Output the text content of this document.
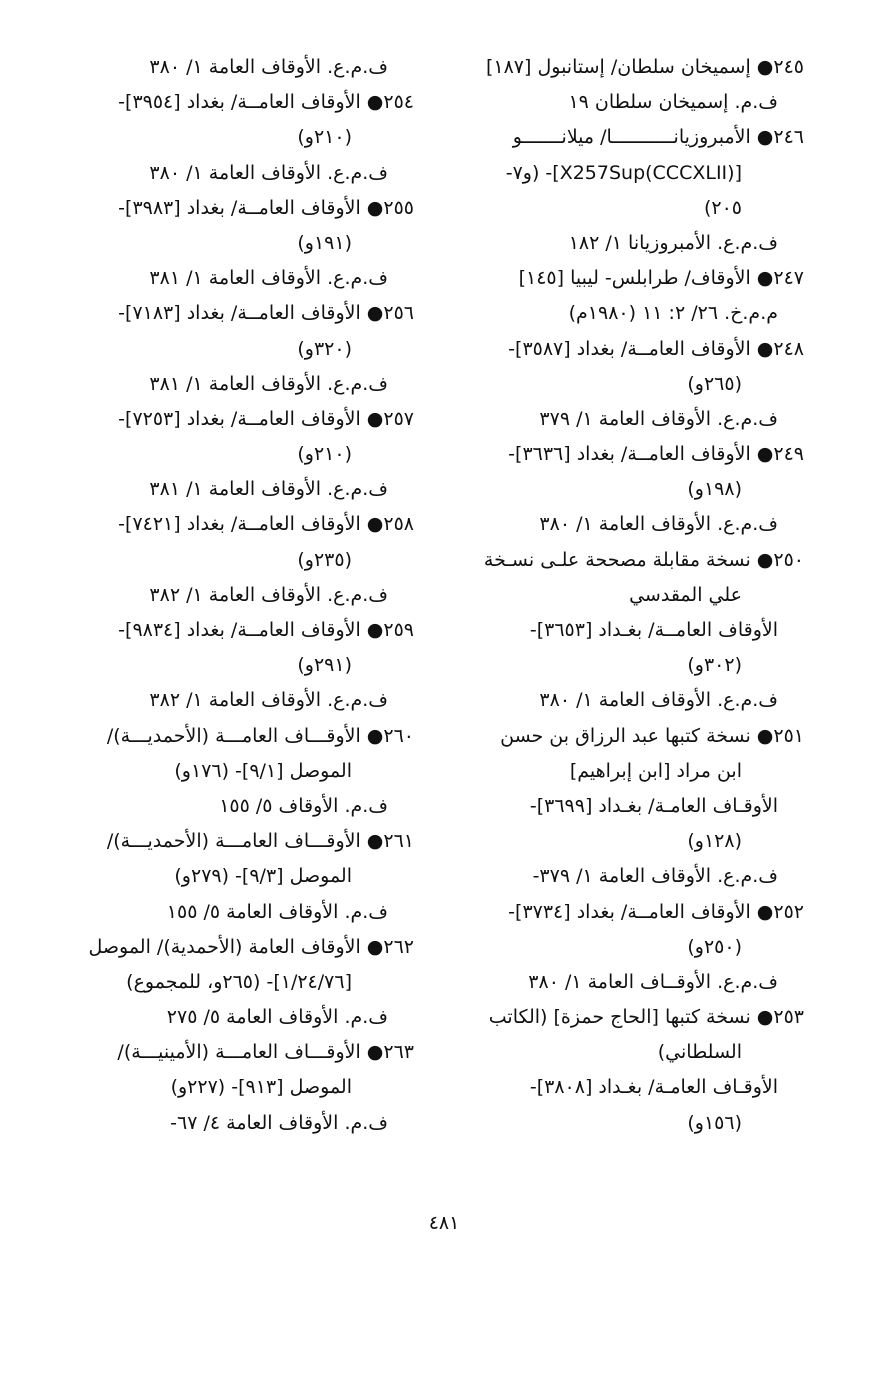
٢٤٥● إسميخان سلطان/ إستانبول [١٨٧]
ف.م. إسميخان سلطان ١٩
٢٤٦● الأمبروزيانـــــــــــا/ ميلانـــــــو
[X257Sup(CCCXLII)]- (و٧-
٢٠٥)
ف.م.ع. الأمبروزيانا ١/ ١٨٢
٢٤٧● الأوقاف/ طرابلس- ليبيا [١٤٥]
م.م.خ. ٢٦/ ٢: ١١ (١٩٨٠م)
٢٤٨● الأوقاف العامــة/ بغداد [٣٥٨٧]-
(٢٦٥و)
ف.م.ع. الأوقاف العامة ١/ ٣٧٩
٢٤٩● الأوقاف العامــة/ بغداد [٣٦٣٦]-
(١٩٨و)
ف.م.ع. الأوقاف العامة ١/ ٣٨٠
٢٥٠● نسخة مقابلة مصححة علـى نسـخة
علي المقدسي
الأوقاف العامــة/ بغـداد [٣٦٥٣]-
(٣٠٢و)
ف.م.ع. الأوقاف العامة ١/ ٣٨٠
٢٥١● نسخة كتبها عبد الرزاق بن حسن
ابن مراد [ابن إبراهيم]
الأوقـاف العامـة/ بغـداد [٣٦٩٩]-
(١٢٨و)
ف.م.ع. الأوقاف العامة ١/ ٣٧٩-
٢٥٢● الأوقاف العامــة/ بغداد [٣٧٣٤]-
(٢٥٠و)
ف.م.ع. الأوقــاف العامة ١/ ٣٨٠
٢٥٣● نسخة كتبها [الحاج حمزة] (الكاتب
السلطاني)
الأوقـاف العامـة/ بغـداد [٣٨٠٨]-
(١٥٦و)
ف.م.ع. الأوقاف العامة ١/ ٣٨٠
٢٥٤● الأوقاف العامــة/ بغداد [٣٩٥٤]-
(٢١٠و)
ف.م.ع. الأوقاف العامة ١/ ٣٨٠
٢٥٥● الأوقاف العامــة/ بغداد [٣٩٨٣]-
(١٩١و)
ف.م.ع. الأوقاف العامة ١/ ٣٨١
٢٥٦● الأوقاف العامــة/ بغداد [٧١٨٣]-
(٣٢٠و)
ف.م.ع. الأوقاف العامة ١/ ٣٨١
٢٥٧● الأوقاف العامــة/ بغداد [٧٢٥٣]-
(٢١٠و)
ف.م.ع. الأوقاف العامة ١/ ٣٨١
٢٥٨● الأوقاف العامــة/ بغداد [٧٤٢١]-
(٢٣٥و)
ف.م.ع. الأوقاف العامة ١/ ٣٨٢
٢٥٩● الأوقاف العامــة/ بغداد [٩٨٣٤]-
(٢٩١و)
ف.م.ع. الأوقاف العامة ١/ ٣٨٢
٢٦٠● الأوقـــاف العامـــة (الأحمديـــة)/
الموصل [٩/١]- (١٧٦و)
ف.م. الأوقاف ٥/ ١٥٥
٢٦١● الأوقـــاف العامـــة (الأحمديـــة)/
الموصل [٩/٣]- (٢٧٩و)
ف.م. الأوقاف العامة ٥/ ١٥٥
٢٦٢● الأوقاف العامة (الأحمدية)/ الموصل
[١/٢٤/٧٦]- (٢٦٥و، للمجموع)
ف.م. الأوقاف العامة ٥/ ٢٧٥
٢٦٣● الأوقـــاف العامـــة (الأمينيـــة)/
الموصل [٩١٣]- (٢٢٧و)
ف.م. الأوقاف العامة ٤/ ٦٧-
٤٨١
